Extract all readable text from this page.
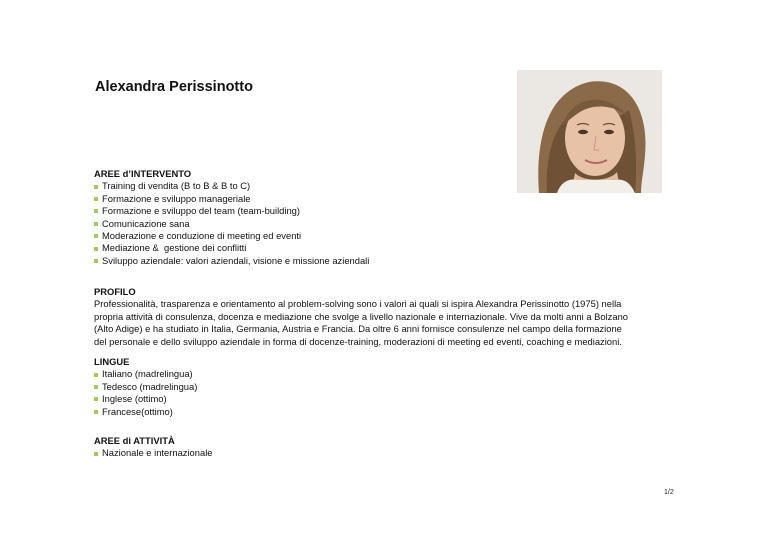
Alexandra Perissinotto
AREE d’INTERVENTO
Training di vendita (B to B & B to C)
Formazione e sviluppo manageriale
Formazione e sviluppo del team (team-building)
Comunicazione sana
Moderazione e conduzione di meeting ed eventi
Mediazione &  gestione dei conflitti
Sviluppo aziendale: valori aziendali, visione e missione aziendali
PROFILO

Professionalità, trasparenza e orientamento al problem-solving sono i valori ai quali si ispira Alexandra Perissinotto (1975) nella
propria attività di consulenza, docenza e mediazione che svolge a livello nazionale e internazionale. Vive da molti anni a Bolzano
(Alto Adige) e ha studiato in Italia, Germania, Austria e Francia. Da oltre 6 anni fornisce consulenze nel campo della formazione
del personale e dello sviluppo aziendale in forma di docenze-training, moderazioni di meeting ed eventi, coaching e mediazioni.

LINGUE
Italiano (madrelingua)
Tedesco (madrelingua)
Inglese (ottimo)
Francese(ottimo)
AREE di ATTIVITÀ
Nazionale e internazionale
1/2
